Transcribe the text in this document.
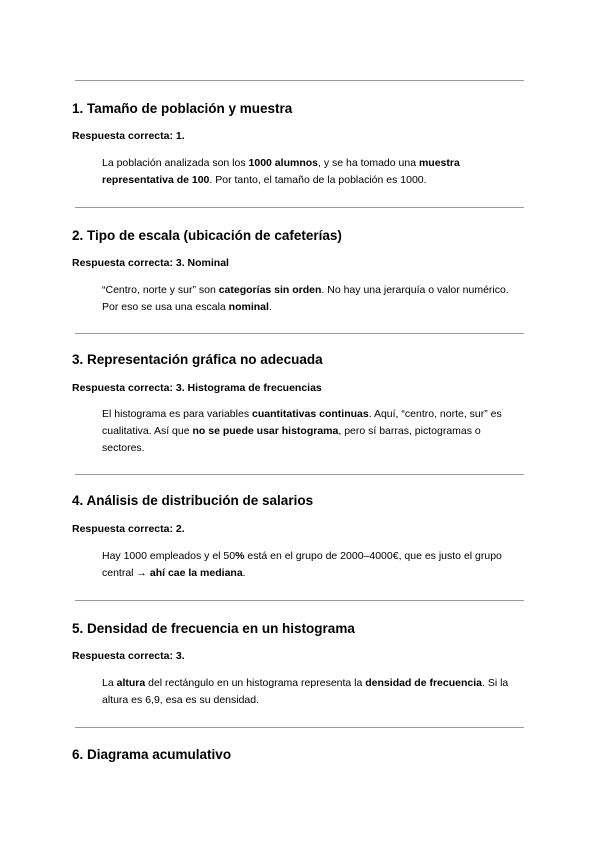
1. Tamaño de población y muestra

Respuesta correcta: 1.

La población analizada son los 1000 alumnos, y se ha tomado una muestra representativa de 100. Por tanto, el tamaño de la población es 1000.

2. Tipo de escala (ubicación de cafeterías)

Respuesta correcta: 3. Nominal

“Centro, norte y sur” son categorías sin orden. No hay una jerarquía o valor numérico. Por eso se usa una escala nominal.

3. Representación gráfica no adecuada

Respuesta correcta: 3. Histograma de frecuencias

El histograma es para variables cuantitativas continuas. Aquí, “centro, norte, sur” es cualitativa. Así que no se puede usar histograma, pero sí barras, pictogramas o sectores.

4. Análisis de distribución de salarios

Respuesta correcta: 2.

Hay 1000 empleados y el 50% está en el grupo de 2000–4000€, que es justo el grupo central → ahí cae la mediana.

5. Densidad de frecuencia en un histograma

Respuesta correcta: 3.

La altura del rectángulo en un histograma representa la densidad de frecuencia. Si la altura es 6,9, esa es su densidad.

6. Diagrama acumulativo
